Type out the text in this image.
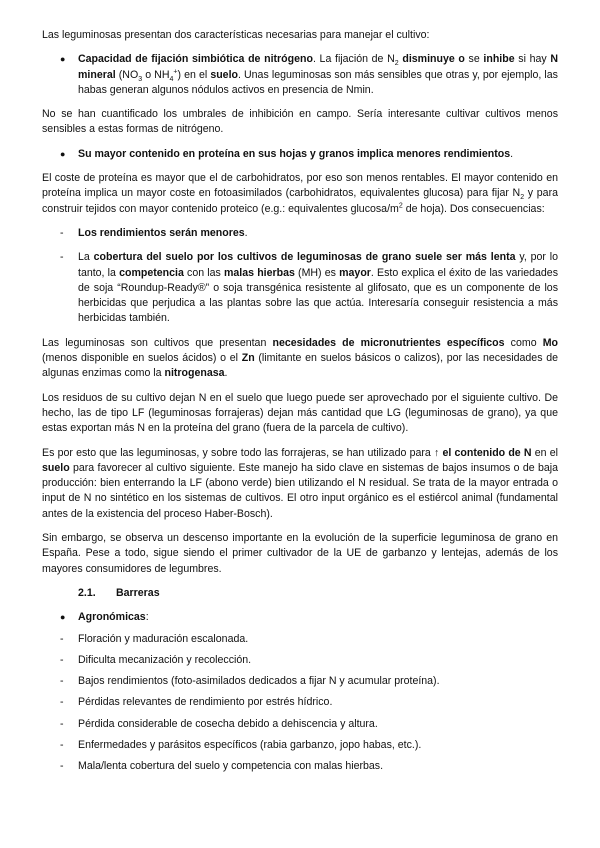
Las leguminosas presentan dos características necesarias para manejar el cultivo:

● Capacidad de fijación simbiótica de nitrógeno. La fijación de $N_2$ disminuye o se inhibe si hay N mineral ($NO_3$ o $NH_4^+$) en el suelo. Unas leguminosas son más sensibles que otras y, por ejemplo, las habas generan algunos nódulos activos en presencia de Nmin.

No se han cuantificado los umbrales de inhibición en campo. Sería interesante cultivar cultivos menos sensibles a estas formas de nitrógeno.

● Su mayor contenido en proteína en sus hojas y granos implica menores rendimientos.

El coste de proteína es mayor que el de carbohidratos, por eso son menos rentables. El mayor contenido en proteína implica un mayor coste en fotoasimilados (carbohidratos, equivalentes glucosa) para fijar $N_2$ y para construir tejidos con mayor contenido proteico (e.g.: equivalentes glucosa/$m^2$ de hoja). Dos consecuencias:

- Los rendimientos serán menores.
- La cobertura del suelo por los cultivos de leguminosas de grano suele ser más lenta y, por lo tanto, la competencia con las malas hierbas (MH) es mayor. Esto explica el éxito de las variedades de soja “Roundup-Ready®” o soja transgénica resistente al glifosato, que es un componente de los herbicidas que perjudica a las plantas sobre las que actúa. Interesaría conseguir resistencia a más herbicidas también.

Las leguminosas son cultivos que presentan necesidades de micronutrientes específicos como Mo (menos disponible en suelos ácidos) o el Zn (limitante en suelos básicos o calizos), por las necesidades de algunas enzimas como la nitrogenasa.

Los residuos de su cultivo dejan N en el suelo que luego puede ser aprovechado por el siguiente cultivo. De hecho, las de tipo LF (leguminosas forrajeras) dejan más cantidad que LG (leguminosas de grano), ya que estas exportan más N en la proteína del grano (fuera de la parcela de cultivo).

Es por esto que las leguminosas, y sobre todo las forrajeras, se han utilizado para ↑ el contenido de N en el suelo para favorecer al cultivo siguiente. Este manejo ha sido clave en sistemas de bajos insumos o de baja producción: bien enterrando la LF (abono verde) bien utilizando el N residual. Se trata de la mayor entrada o input de N no sintético en los sistemas de cultivos. El otro input orgánico es el estiércol animal (fundamental antes de la existencia del proceso Haber-Bosch).

Sin embargo, se observa un descenso importante en la evolución de la superficie leguminosa de grano en España. Pese a todo, sigue siendo el primer cultivador de la UE de garbanzo y lentejas, además de los mayores consumidores de legumbres.

2.1. Barreras
● Agronómicas:
- Floración y maduración escalonada.
- Dificulta mecanización y recolección.
- Bajos rendimientos (foto-asimilados dedicados a fijar N y acumular proteína).
- Pérdidas relevantes de rendimiento por estrés hídrico.
- Pérdida considerable de cosecha debido a dehiscencia y altura.
- Enfermedades y parásitos específicos (rabia garbanzo, jopo habas, etc.).
- Mala/lenta cobertura del suelo y competencia con malas hierbas.
